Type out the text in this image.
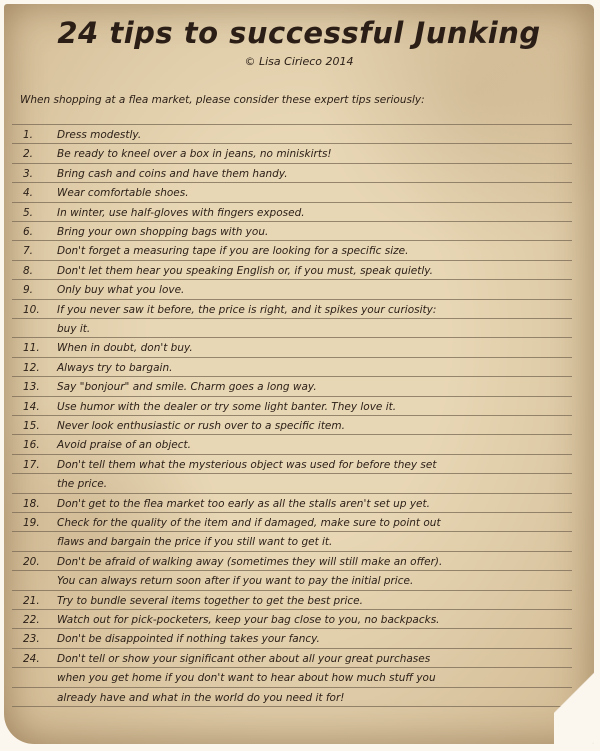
24 tips to successful Junking
© Lisa Cirieco 2014
When shopping at a flea market, please consider these expert tips seriously:
1. Dress modestly.
2. Be ready to kneel over a box in jeans, no miniskirts!
3. Bring cash and coins and have them handy.
4. Wear comfortable shoes.
5. In winter, use half-gloves with fingers exposed.
6. Bring your own shopping bags with you.
7. Don't forget a measuring tape if you are looking for a specific size.
8. Don't let them hear you speaking English or, if you must, speak quietly.
9. Only buy what you love.
10. If you never saw it before, the price is right, and it spikes your curiosity:
buy it.
11. When in doubt, don't buy.
12. Always try to bargain.
13. Say "bonjour" and smile. Charm goes a long way.
14. Use humor with the dealer or try some light banter. They love it.
15. Never look enthusiastic or rush over to a specific item.
16. Avoid praise of an object.
17. Don't tell them what the mysterious object was used for before they set
the price.
18. Don't get to the flea market too early as all the stalls aren't set up yet.
19. Check for the quality of the item and if damaged, make sure to point out
flaws and bargain the price if you still want to get it.
20. Don't be afraid of walking away (sometimes they will still make an offer).
You can always return soon after if you want to pay the initial price.
21. Try to bundle several items together to get the best price.
22. Watch out for pick-pocketers, keep your bag close to you, no backpacks.
23. Don't be disappointed if nothing takes your fancy.
24. Don't tell or show your significant other about all your great purchases
when you get home if you don't want to hear about how much stuff you
already have and what in the world do you need it for!
